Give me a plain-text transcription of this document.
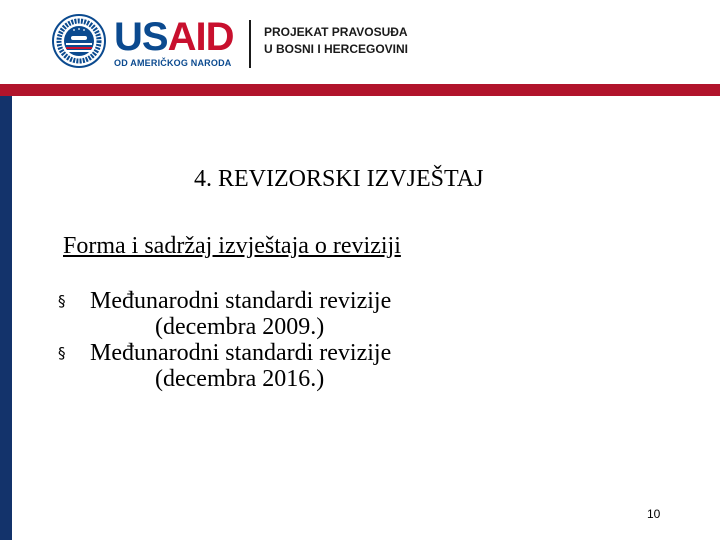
USAID
OD AMERIČKOG NARODA
PROJEKAT PRAVOSUĐA
U BOSNI I HERCEGOVINI
4. REVIZORSKI IZVJEŠTAJ
Forma i sadržaj izvještaja o reviziji
§ Međunarodni standardi revizije
(decembra 2009.)
§ Međunarodni standardi revizije
(decembra 2016.)
10
